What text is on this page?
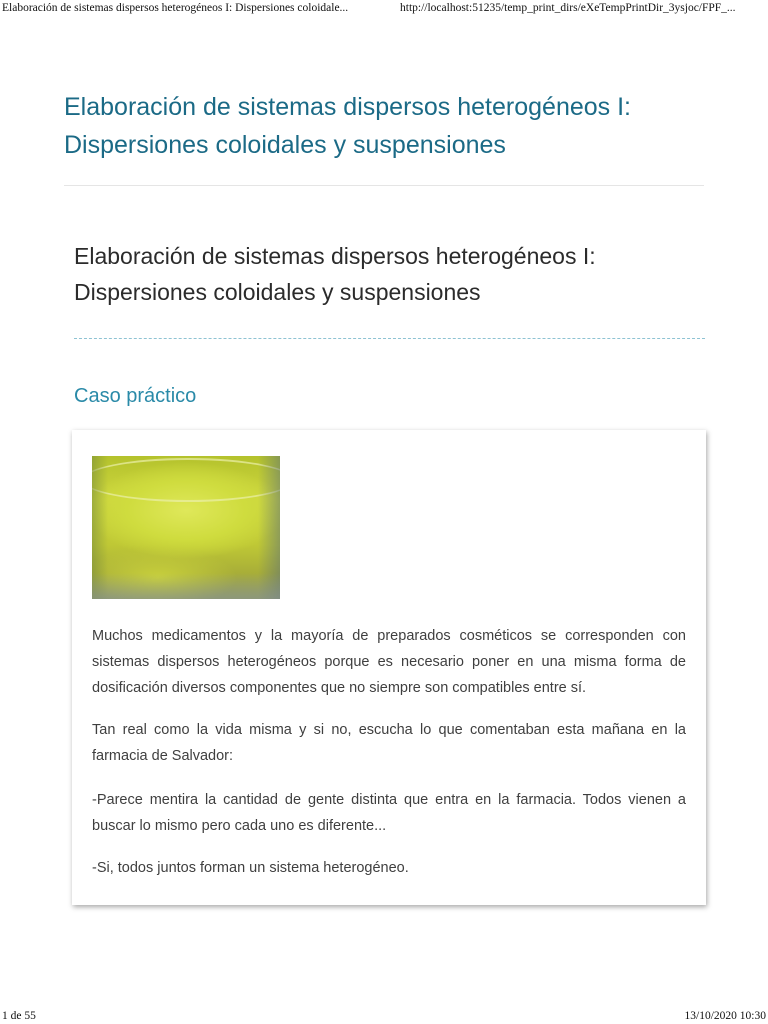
Elaboración de sistemas dispersos heterogéneos I: Dispersiones coloidale...	http://localhost:51235/temp_print_dirs/eXeTempPrintDir_3ysjoc/FPF_...
Elaboración de sistemas dispersos heterogéneos I: Dispersiones coloidales y suspensiones
Elaboración de sistemas dispersos heterogéneos I: Dispersiones coloidales y suspensiones
Caso práctico

Muchos medicamentos y la mayoría de preparados cosméticos se corresponden con sistemas dispersos heterogéneos porque es necesario poner en una misma forma de dosificación diversos componentes que no siempre son compatibles entre sí.

Tan real como la vida misma y si no, escucha lo que comentaban esta mañana en la farmacia de Salvador:

-Parece mentira la cantidad de gente distinta que entra en la farmacia. Todos vienen a buscar lo mismo pero cada uno es diferente...

-Si, todos juntos forman un sistema heterogéneo.

1 de 55	13/10/2020 10:30
